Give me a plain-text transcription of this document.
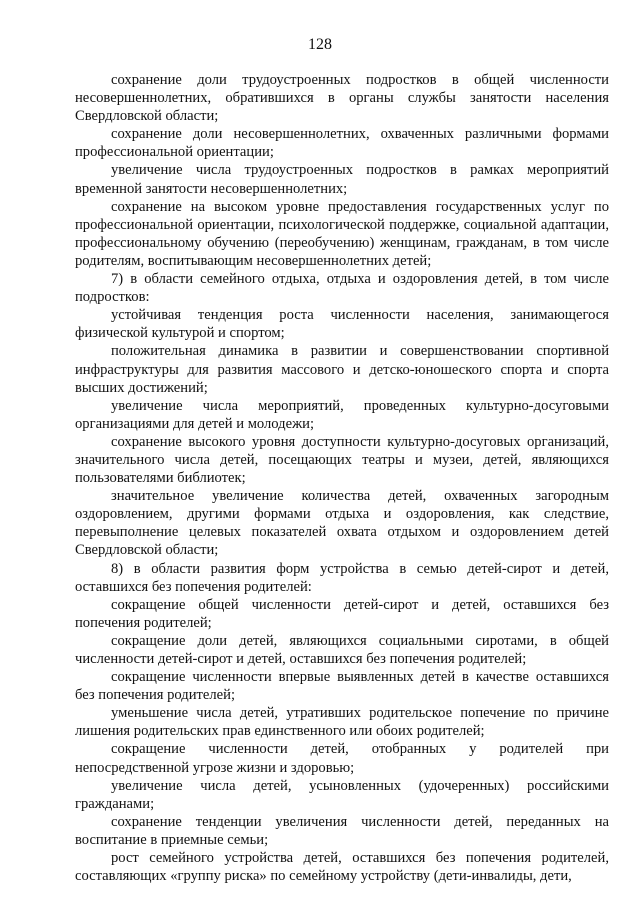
128

сохранение доли трудоустроенных подростков в общей численности несовершеннолетних, обратившихся в органы службы занятости населения Свердловской области;

сохранение доли несовершеннолетних, охваченных различными формами профессиональной ориентации;

увеличение числа трудоустроенных подростков в рамках мероприятий временной занятости несовершеннолетних;

сохранение на высоком уровне предоставления государственных услуг по профессиональной ориентации, психологической поддержке, социальной адаптации, профессиональному обучению (переобучению) женщинам, гражданам, в том числе родителям, воспитывающим несовершеннолетних детей;

7) в области семейного отдыха, отдыха и оздоровления детей, в том числе подростков:

устойчивая тенденция роста численности населения, занимающегося физической культурой и спортом;

положительная динамика в развитии и совершенствовании спортивной инфраструктуры для развития массового и детско-юношеского спорта и спорта высших достижений;

увеличение числа мероприятий, проведенных культурно-досуговыми организациями для детей и молодежи;

сохранение высокого уровня доступности культурно-досуговых организаций, значительного числа детей, посещающих театры и музеи, детей, являющихся пользователями библиотек;

значительное увеличение количества детей, охваченных загородным оздоровлением, другими формами отдыха и оздоровления, как следствие, перевыполнение целевых показателей охвата отдыхом и оздоровлением детей Свердловской области;

8) в области развития форм устройства в семью детей-сирот и детей, оставшихся без попечения родителей:

сокращение общей численности детей-сирот и детей, оставшихся без попечения родителей;

сокращение доли детей, являющихся социальными сиротами, в общей численности детей-сирот и детей, оставшихся без попечения родителей;

сокращение численности впервые выявленных детей в качестве оставшихся без попечения родителей;

уменьшение числа детей, утративших родительское попечение по причине лишения родительских прав единственного или обоих родителей;

сокращение численности детей, отобранных у родителей при непосредственной угрозе жизни и здоровью;

увеличение числа детей, усыновленных (удочеренных) российскими гражданами;

сохранение тенденции увеличения численности детей, переданных на воспитание в приемные семьи;

рост семейного устройства детей, оставшихся без попечения родителей, составляющих «группу риска» по семейному устройству (дети-инвалиды, дети,
